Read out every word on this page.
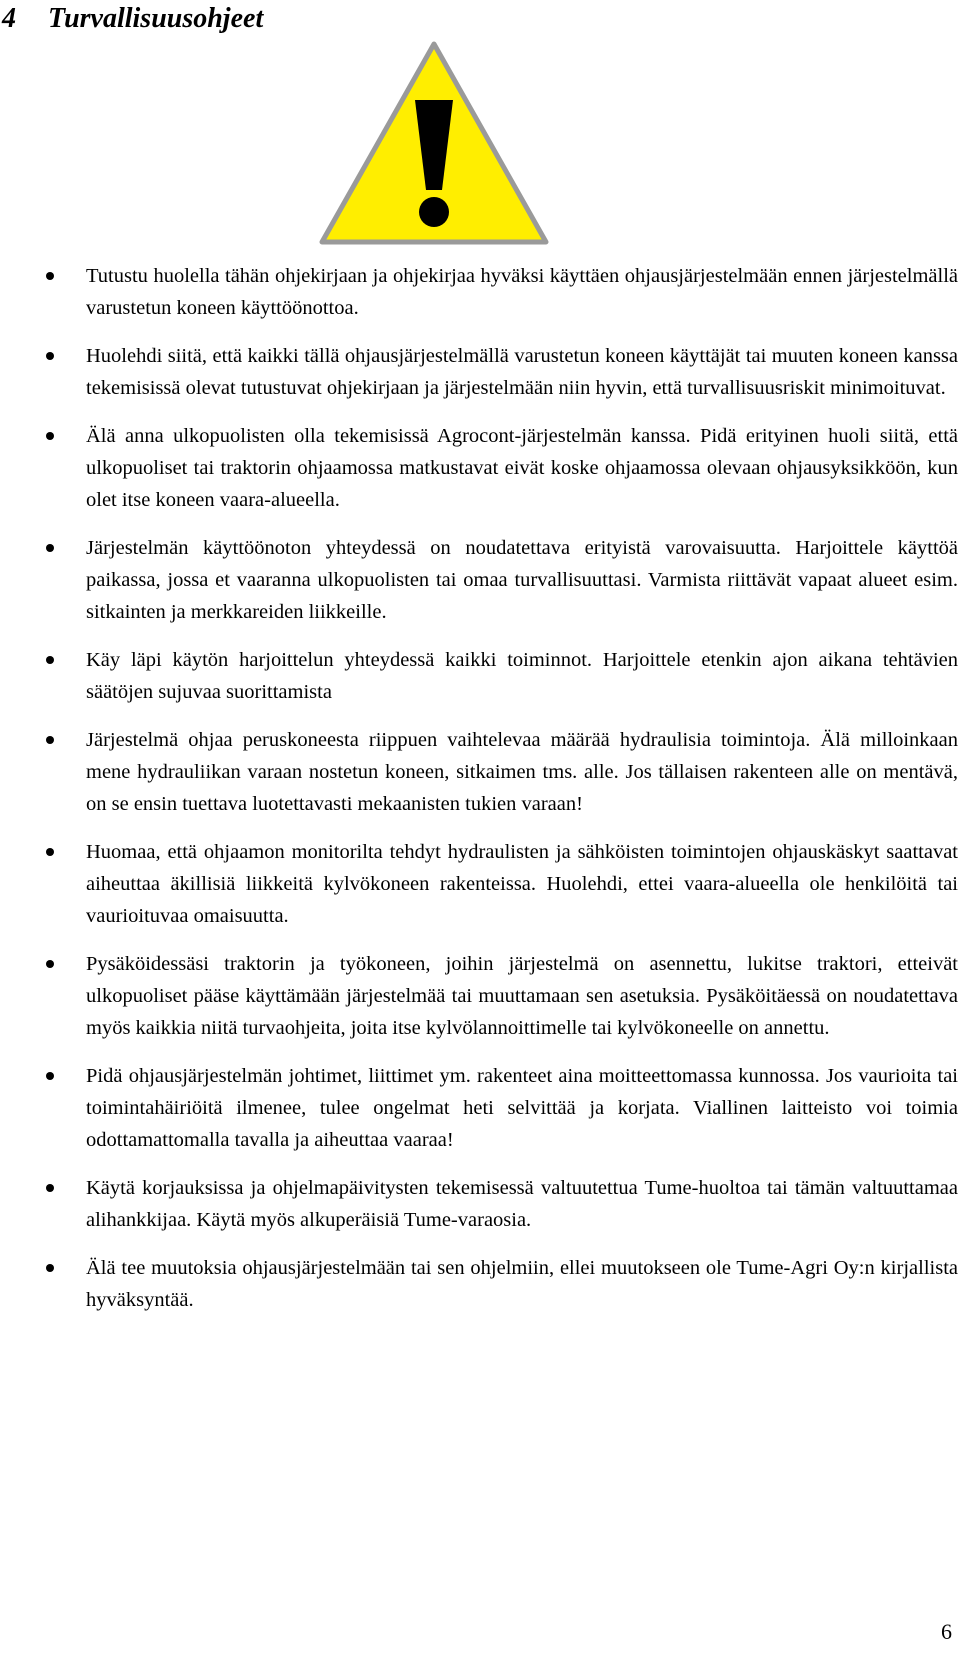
4 Turvallisuusohjeet
Tutustu huolella tähän ohjekirjaan ja ohjekirjaa hyväksi käyttäen ohjausjärjestelmään ennen järjestelmällä varustetun koneen käyttöönottoa.
Huolehdi siitä, että kaikki tällä ohjausjärjestelmällä varustetun koneen käyttäjät tai muuten koneen kanssa tekemisissä olevat tutustuvat ohjekirjaan ja järjestelmään niin hyvin, että turvallisuusriskit minimoituvat.
Älä anna ulkopuolisten olla tekemisissä Agrocont-järjestelmän kanssa. Pidä erityinen huoli siitä, että ulkopuoliset tai traktorin ohjaamossa matkustavat eivät koske ohjaamossa olevaan ohjausyksikköön, kun olet itse koneen vaara-alueella.
Järjestelmän käyttöönoton yhteydessä on noudatettava erityistä varovaisuutta. Harjoittele käyttöä paikassa, jossa et vaaranna ulkopuolisten tai omaa turvallisuuttasi. Varmista riittävät vapaat alueet esim. sitkainten ja merkkareiden liikkeille.
Käy läpi käytön harjoittelun yhteydessä kaikki toiminnot. Harjoittele etenkin ajon aikana tehtävien säätöjen sujuvaa suorittamista
Järjestelmä ohjaa peruskoneesta riippuen vaihtelevaa määrää hydraulisia toimintoja. Älä milloinkaan mene hydrauliikan varaan nostetun koneen, sitkaimen tms. alle. Jos tällaisen rakenteen alle on mentävä, on se ensin tuettava luotettavasti mekaanisten tukien varaan!
Huomaa, että ohjaamon monitorilta tehdyt hydraulisten ja sähköisten toimintojen ohjauskäskyt saattavat aiheuttaa äkillisiä liikkeitä kylvökoneen rakenteissa. Huolehdi, ettei vaara-alueella ole henkilöitä tai vaurioituvaa omaisuutta.
Pysäköidessäsi traktorin ja työkoneen, joihin järjestelmä on asennettu, lukitse traktori, etteivät ulkopuoliset pääse käyttämään järjestelmää tai muuttamaan sen asetuksia. Pysäköitäessä on noudatettava myös kaikkia niitä turvaohjeita, joita itse kylvölannoittimelle tai kylvökoneelle on annettu.
Pidä ohjausjärjestelmän johtimet, liittimet ym. rakenteet aina moitteettomassa kunnossa. Jos vaurioita tai toimintahäiriöitä ilmenee, tulee ongelmat heti selvittää ja korjata. Viallinen laitteisto voi toimia odottamattomalla tavalla ja aiheuttaa vaaraa!
Käytä korjauksissa ja ohjelmapäivitysten tekemisessä valtuutettua Tume-huoltoa tai tämän valtuuttamaa alihankkijaa. Käytä myös alkuperäisiä Tume-varaosia.
Älä tee muutoksia ohjausjärjestelmään tai sen ohjelmiin, ellei muutokseen ole Tume-Agri Oy:n kirjallista hyväksyntää.
6
